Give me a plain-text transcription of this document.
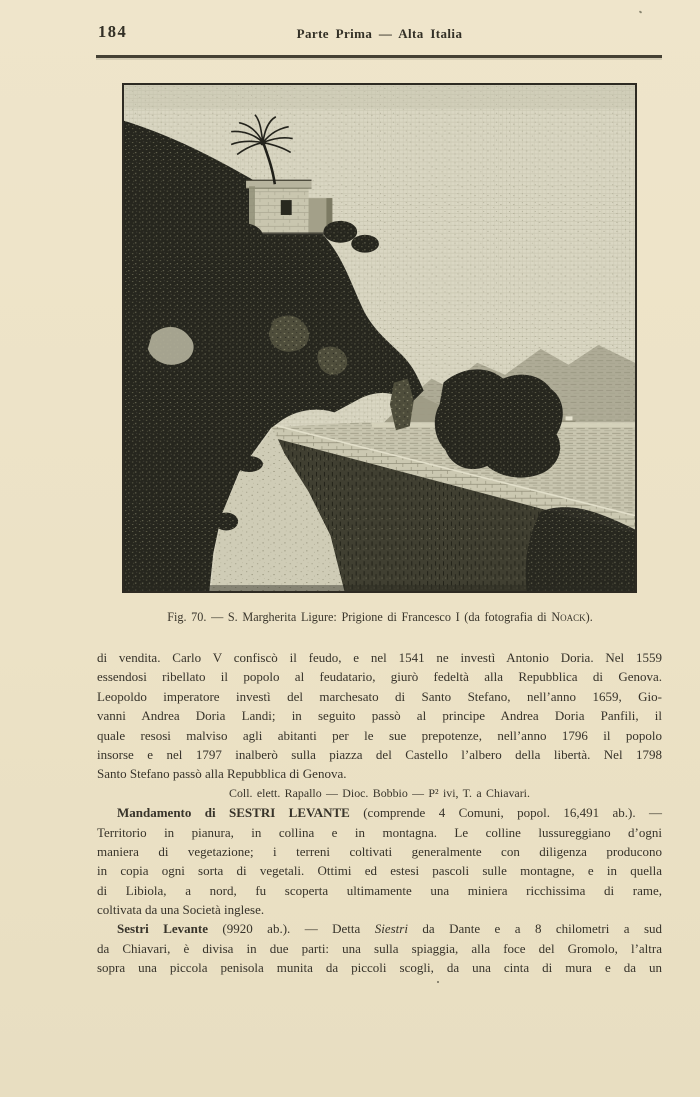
184	Parte Prima — Alta Italia
Fig. 70. — S. Margherita Ligure: Prigione di Francesco I (da fotografia di Noack).
di vendita. Carlo V confiscò il feudo, e nel 1541 ne investì Antonio Doria. Nel 1559
essendosi ribellato il popolo al feudatario, giurò fedeltà alla Repubblica di Genova.
Leopoldo imperatore investì del marchesato di Santo Stefano, nell’anno 1659, Gio-
vanni Andrea Doria Landi; in seguito passò al principe Andrea Doria Panfili, il
quale resosi malviso agli abitanti per le sue prepotenze, nell’anno 1796 il popolo
insorse e nel 1797 inalberò sulla piazza del Castello l’albero della libertà. Nel 1798
Santo Stefano passò alla Repubblica di Genova.
Coll. elett. Rapallo — Dioc. Bobbio — P² ivi, T. a Chiavari.
Mandamento di SESTRI LEVANTE (comprende 4 Comuni, popol. 16,491 ab.). —
Territorio in pianura, in collina e in montagna. Le colline lussureggiano d’ogni
maniera di vegetazione; i terreni coltivati generalmente con diligenza producono
in copia ogni sorta di vegetali. Ottimi ed estesi pascoli sulle montagne, e in quella
di Libiola, a nord, fu scoperta ultimamente una miniera ricchissima di rame,
coltivata da una Società inglese.
Sestri Levante (9920 ab.). — Detta Siestri da Dante e a 8 chilometri a sud
da Chiavari, è divisa in due parti: una sulla spiaggia, alla foce del Gromolo, l’altra
sopra una piccola penisola munita da piccoli scogli, da una cinta di mura e da un
